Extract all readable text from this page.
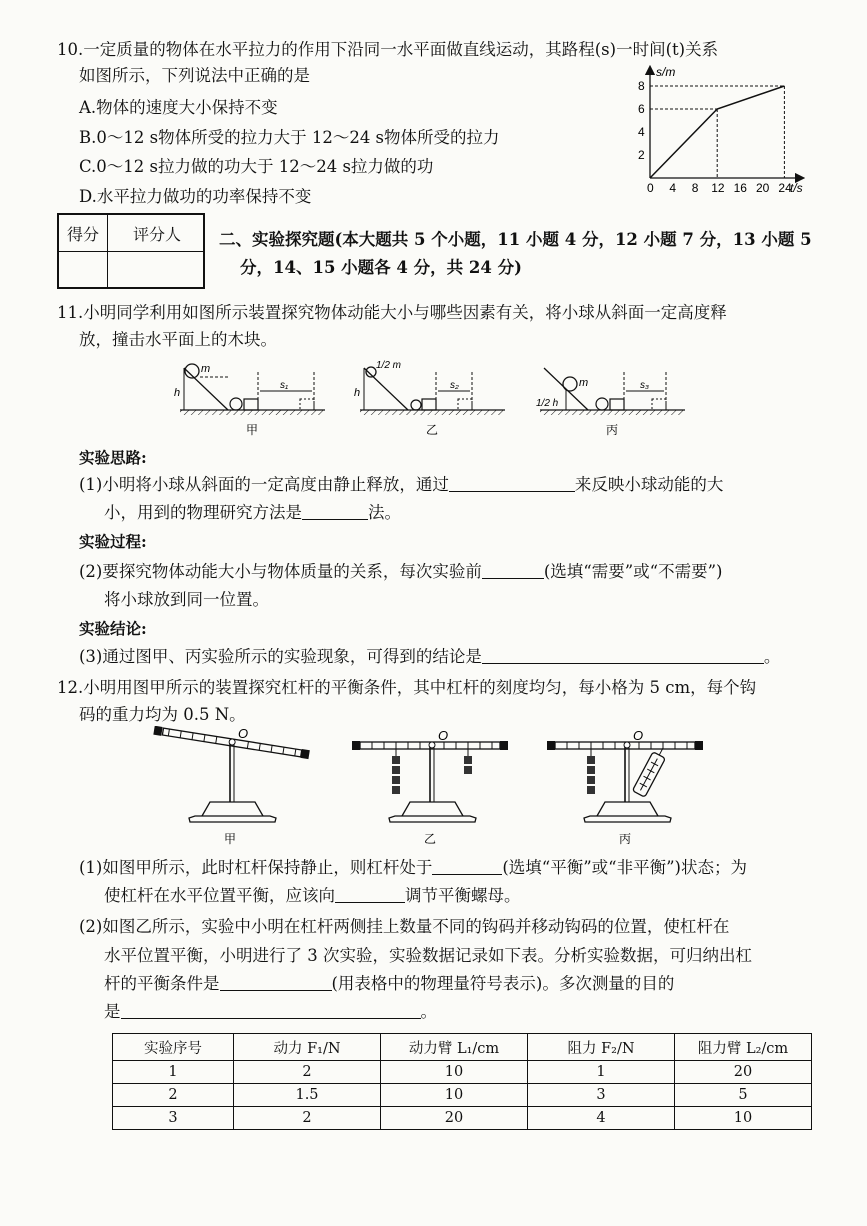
10.一定质量的物体在水平拉力的作用下沿同一水平面做直线运动，其路程(s)一时间(t)关系
如图所示，下列说法中正确的是
A.物体的速度大小保持不变
B.0～12 s物体所受的拉力大于 12～24 s物体所受的拉力
C.0～12 s拉力做的功大于 12～24 s拉力做的功
D.水平拉力做功的功率保持不变	0 4 8 12 16 20 24
2
4
6
8
s/m
t/s
得分	评分人	二、实验探究题(本大题共 5 个小题，11 小题 4 分，12 小题 7 分，13 小题 5
分，14、15 小题各 4 分，共 24 分)
11.小明同学利用如图所示装置探究物体动能大小与哪些因素有关，将小球从斜面一定高度释
放，撞击水平面上的木块。
m
h
s₁
甲
1/2 m
h
s₂
乙
m
1/2 h
s₃
丙
实验思路:
(1)小明将小球从斜面的一定高度由静止释放，通过	来反映小球动能的大
小，用到的物理研究方法是	法。
实验过程:
(2)要探究物体动能大小与物体质量的关系，每次实验前	(选填“需要”或“不需要”)
将小球放到同一位置。
实验结论:
(3)通过图甲、丙实验所示的实验现象，可得到的结论是	。
12.小明用图甲所示的装置探究杠杆的平衡条件，其中杠杆的刻度均匀，每小格为 5 cm，每个钩
码的重力均为 0.5 N。
O
甲
O
乙
O
丙
(1)如图甲所示，此时杠杆保持静止，则杠杆处于	(选填“平衡”或“非平衡”)状态；为
使杠杆在水平位置平衡，应该向	调节平衡螺母。
(2)如图乙所示，实验中小明在杠杆两侧挂上数量不同的钩码并移动钩码的位置，使杠杆在
水平位置平衡，小明进行了 3 次实验，实验数据记录如下表。分析实验数据，可归纳出杠
杆的平衡条件是	(用表格中的物理量符号表示)。多次测量的目的
是	。
实验序号	动力 F₁/N	动力臂 L₁/cm	阻力 F₂/N	阻力臂 L₂/cm
1	2	10	1	20
2	1.5	10	3	5
3	2	20	4	10
